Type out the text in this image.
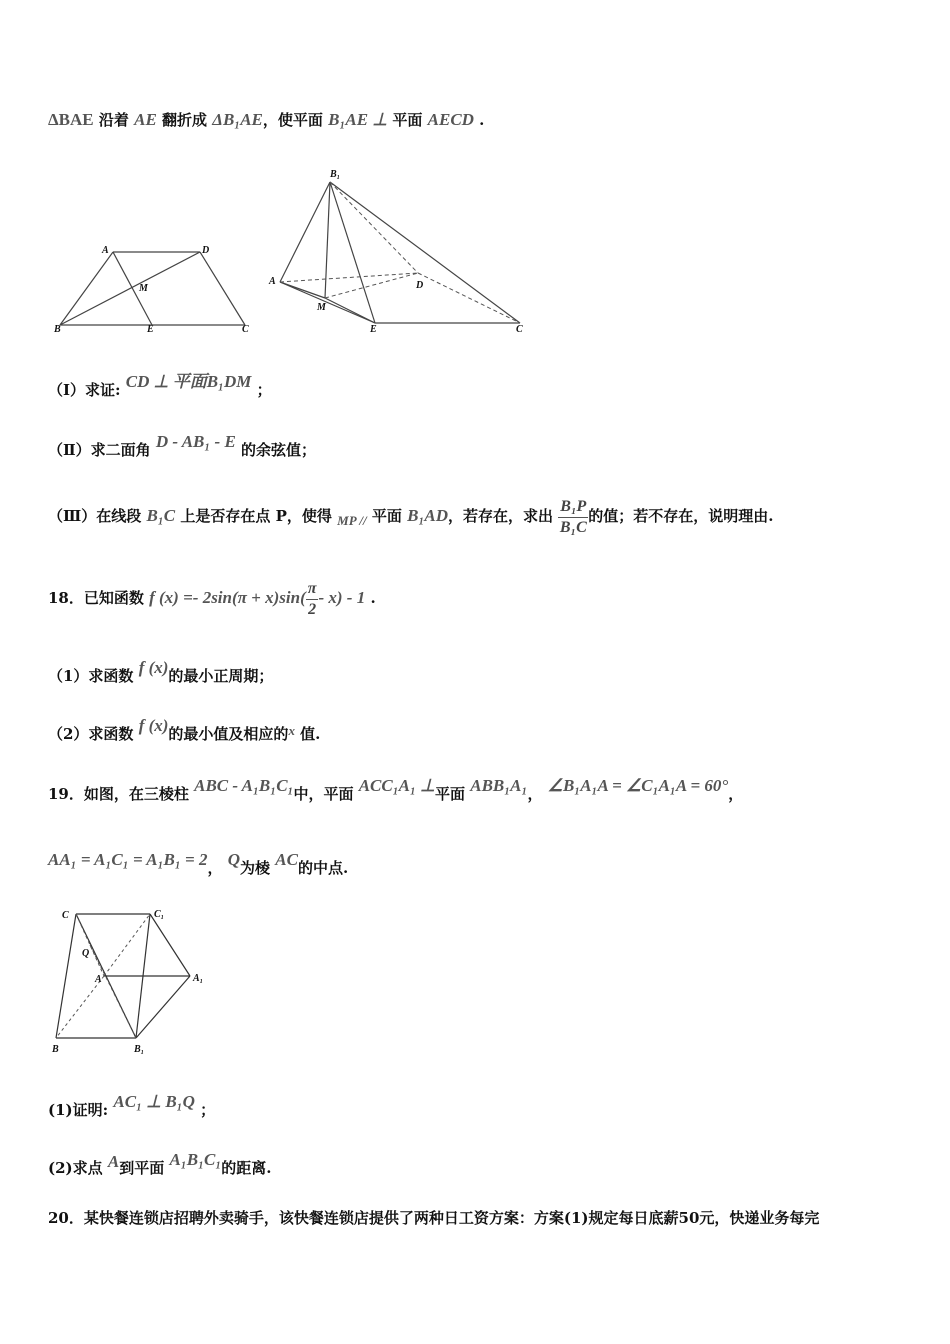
ΔBAE 沿着 AE 翻折成 ΔB₁AE，使平面 B₁AE ⊥ 平面 AECD .
A	D
M
B	E	C
B₁
A	D
M
E	C
（Ⅰ）求证: CD ⊥ 平面B₁DM ；
（Ⅱ）求二面角 D - AB₁ - E 的余弦值；
（Ⅲ）在线段 B₁C 上是否存在点 P，使得 MP // 平面 B₁AD，若存在，求出 $\frac{\text{B₁P}}{\text{B₁C}}$ 的值；若不存在，说明理由.
18．已知函数 f $(x) =- 2\sin(\pi + x)\sin( \frac{\pi}{2} - x) - 1$ .
（1）求函数 f (x)的最小正周期；
（2）求函数 f (x)的最小值及相应的x 值.
19．如图，在三棱柱 ABC - A₁B₁C₁中，平面 ACC₁A₁ ⊥平面 ABB₁A₁， ∠B₁A₁A = ∠C₁A₁A = 60°，
AA₁ = A₁C₁ = A₁B₁ = 2， Q为棱 AC的中点.
C	C₁
Q
A	A₁
B	B₁
(1)证明: AC₁ ⊥ B₁Q ；
(2)求点 A到平面 A₁B₁C₁的距离.
20．某快餐连锁店招聘外卖骑手，该快餐连锁店提供了两种日工资方案：方案(1)规定每日底薪50元，快递业务每完
